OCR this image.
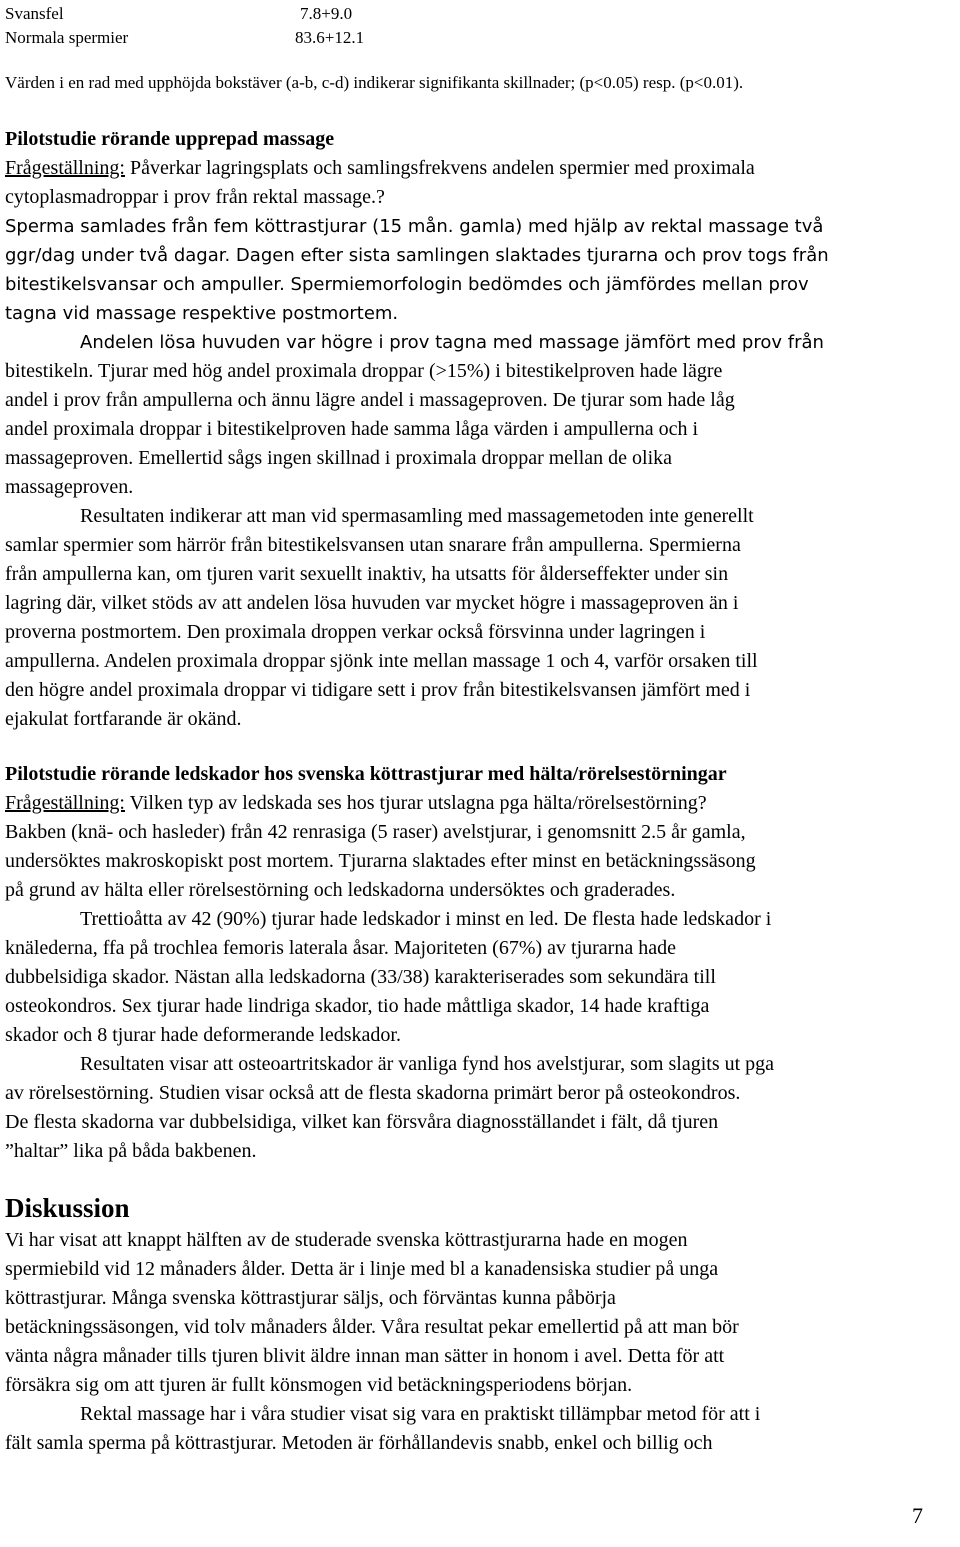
Svansfel	7.8+9.0
Normala spermier	83.6+12.1
Värden i en rad med upphöjda bokstäver (a-b, c-d) indikerar signifikanta skillnader; (p<0.05) resp. (p<0.01).
Pilotstudie rörande upprepad massage
Frågeställning: Påverkar lagringsplats och samlingsfrekvens andelen spermier med proximala
cytoplasmadroppar i prov från rektal massage.?
Sperma samlades från fem köttrastjurar (15 mån. gamla) med hjälp av rektal massage två
ggr/dag under två dagar. Dagen efter sista samlingen slaktades tjurarna och prov togs från
bitestikelsvansar och ampuller. Spermiemorfologin bedömdes och jämfördes mellan prov
tagna vid massage respektive postmortem.
Andelen lösa huvuden var högre i prov tagna med massage jämfört med prov från
bitestikeln. Tjurar med hög andel proximala droppar (>15%) i bitestikelproven hade lägre
andel i prov från ampullerna och ännu lägre andel i massageproven. De tjurar som hade låg
andel proximala droppar i bitestikelproven hade samma låga värden i ampullerna och i
massageproven. Emellertid sågs ingen skillnad i proximala droppar mellan de olika
massageproven.
Resultaten indikerar att man vid spermasamling med massagemetoden inte generellt
samlar spermier som härrör från bitestikelsvansen utan snarare från ampullerna. Spermierna
från ampullerna kan, om tjuren varit sexuellt inaktiv, ha utsatts för ålderseffekter under sin
lagring där, vilket stöds av att andelen lösa huvuden var mycket högre i massageproven än i
proverna postmortem. Den proximala droppen verkar också försvinna under lagringen i
ampullerna. Andelen proximala droppar sjönk inte mellan massage 1 och 4, varför orsaken till
den högre andel proximala droppar vi tidigare sett i prov från bitestikelsvansen jämfört med i
ejakulat fortfarande är okänd.
Pilotstudie rörande ledskador hos svenska köttrastjurar med hälta/rörelsestörningar
Frågeställning: Vilken typ av ledskada ses hos tjurar utslagna pga hälta/rörelsestörning?
Bakben (knä- och hasleder) från 42 renrasiga (5 raser) avelstjurar, i genomsnitt 2.5 år gamla,
undersöktes makroskopiskt post mortem. Tjurarna slaktades efter minst en betäckningssäsong
på grund av hälta eller rörelsestörning och ledskadorna undersöktes och graderades.
Trettioåtta av 42 (90%) tjurar hade ledskador i minst en led. De flesta hade ledskador i
knälederna, ffa på trochlea femoris laterala åsar. Majoriteten (67%) av tjurarna hade
dubbelsidiga skador. Nästan alla ledskadorna (33/38) karakteriserades som sekundära till
osteokondros. Sex tjurar hade lindriga skador, tio hade måttliga skador, 14 hade kraftiga
skador och 8 tjurar hade deformerande ledskador.
Resultaten visar att osteoartritskador är vanliga fynd hos avelstjurar, som slagits ut pga
av rörelsestörning. Studien visar också att de flesta skadorna primärt beror på osteokondros.
De flesta skadorna var dubbelsidiga, vilket kan försvåra diagnosställandet i fält, då tjuren
”haltar” lika på båda bakbenen.
Diskussion
Vi har visat att knappt hälften av de studerade svenska köttrastjurarna hade en mogen
spermiebild vid 12 månaders ålder. Detta är i linje med bl a kanadensiska studier på unga
köttrastjurar. Många svenska köttrastjurar säljs, och förväntas kunna påbörja
betäckningssäsongen, vid tolv månaders ålder. Våra resultat pekar emellertid på att man bör
vänta några månader tills tjuren blivit äldre innan man sätter in honom i avel. Detta för att
försäkra sig om att tjuren är fullt könsmogen vid betäckningsperiodens början.
Rektal massage har i våra studier visat sig vara en praktiskt tillämpbar metod för att i
fält samla sperma på köttrastjurar. Metoden är förhållandevis snabb, enkel och billig och
7
